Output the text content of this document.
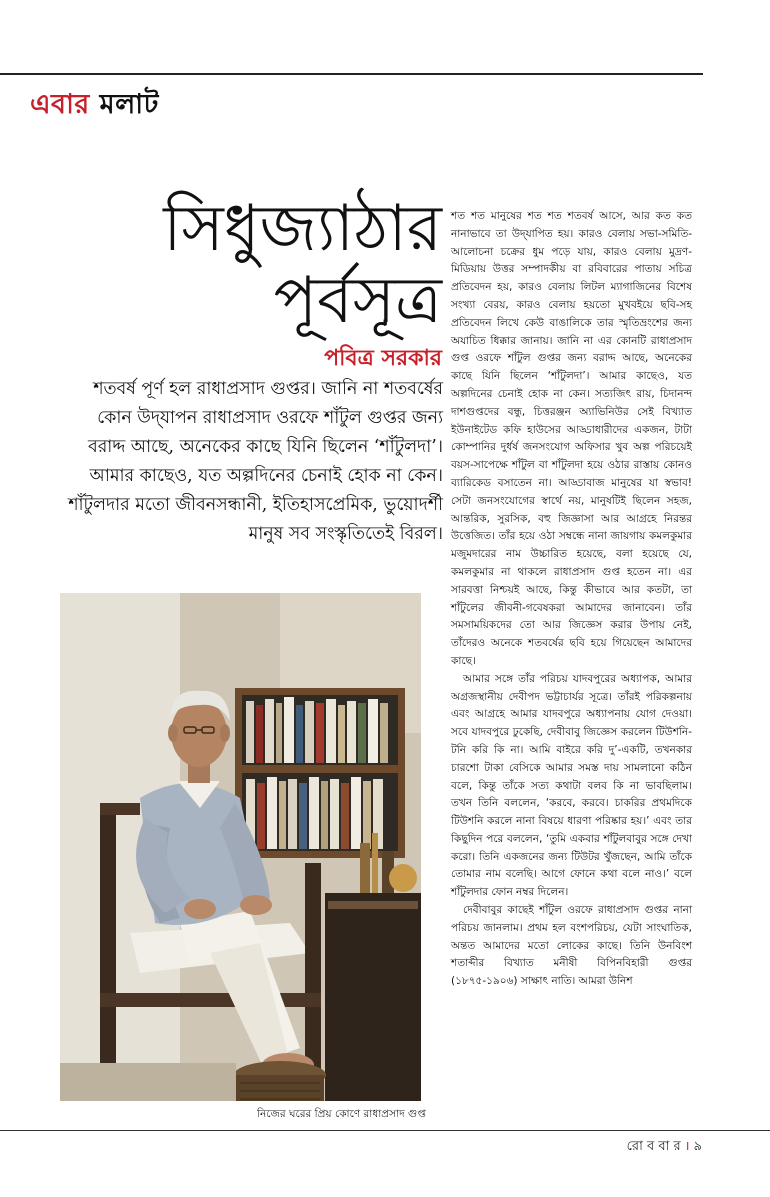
এবার মলাট
সিধুজ্যাঠার
পূর্বসূত্র
পবিত্র সরকার
শতবর্ষ পূর্ণ হল রাধাপ্রসাদ গুপ্তর। জানি না শতবর্ষের কোন উদ্‌যাপন রাধাপ্রসাদ ওরফে শাঁটুল গুপ্তর জন্য বরাদ্দ আছে, অনেকের কাছে যিনি ছিলেন ‘শাঁটুলদা’। আমার কাছেও, যত অল্পদিনের চেনাই হোক না কেন। শাঁটুলদার মতো জীবনসন্ধানী, ইতিহাসপ্রেমিক, ভুয়োদর্শী মানুষ সব সংস্কৃতিতেই বিরল।
নিজের ঘরের প্রিয় কোণে রাধাপ্রসাদ গুপ্ত

শত শত মানুষের শত শত শতবর্ষ আসে, আর কত কত নানাভাবে তা উদ্‌যাপিত হয়। কারও বেলায় সভা-সমিতি-আলোচনা চক্রের ধুম পড়ে যায়, কারও বেলায় মুদ্রণ-মিডিয়ায় উত্তর সম্পাদকীয় বা রবিবারের পাতায় সচিত্র প্রতিবেদন হয়, কারও বেলায় লিটল ম্যাগাজিনের বিশেষ সংখ্যা বেরয়, কারও বেলায় হয়তো মুখবইয়ে ছবি-সহ প্রতিবেদন লিখে কেউ বাঙালিকে তার স্মৃতিভ্রংশের জন্য অযাচিত ধিক্কার জানায়। জানি না এর কোনটি রাধাপ্রসাদ গুপ্ত ওরফে শাঁটুল গুপ্তর জন্য বরাদ্দ আছে, অনেকের কাছে যিনি ছিলেন ‘শাঁটুলদা’। আমার কাছেও, যত অল্পদিনের চেনাই হোক না কেন। সত্যজিৎ রায়, চিদানন্দ দাশগুপ্তদের বন্ধু, চিত্তরঞ্জন অ্যাভিনিউর সেই বিখ্যাত ইউনাইটেড কফি হাউসের আড্ডাধারীদের একজন, টাটা কোম্পানির দুর্ধর্ষ জনসংযোগ অফিসার খুব অল্প পরিচয়েই বয়স-সাপেক্ষে শাঁটুল বা শাঁটুলদা হয়ে ওঠার রাস্তায় কোনও ব্যারিকেড বসাতেন না। আড্ডাবাজ মানুষের যা স্বভাব! সেটা জনসংযোগের স্বার্থে নয়, মানুষটিই ছিলেন সহজ, আন্তরিক, সুরসিক, বহু জিজ্ঞাসা আর আগ্রহে নিরন্তর উত্তেজিত। তাঁর হয়ে ওঠা সম্বন্ধে নানা জায়গায় কমলকুমার মজুমদারের নাম উচ্চারিত হয়েছে, বলা হয়েছে যে, কমলকুমার না থাকলে রাধাপ্রসাদ গুপ্ত হতেন না। এর সারবত্তা নিশ্চয়ই আছে, কিন্তু কীভাবে আর কতটা, তা শাঁটুলের জীবনী-গবেষকরা আমাদের জানাবেন। তাঁর সমসাময়িকদের তো আর জিজ্ঞেস করার উপায় নেই, তাঁদেরও অনেকে শতবর্ষের ছবি হয়ে গিয়েছেন আমাদের কাছে।

আমার সঙ্গে তাঁর পরিচয় যাদবপুরের অধ্যাপক, আমার অগ্রজস্থানীয় দেবীপদ ভট্টাচার্যর সূত্রে। তাঁরই পরিকল্পনায় এবং আগ্রহে আমার যাদবপুরে অধ্যাপনায় যোগ দেওয়া। সবে যাদবপুরে ঢুকেছি, দেবীবাবু জিজ্ঞেস করলেন টিউশনি-টনি করি কি না। আমি বাইরে করি দু’-একটি, তখনকার চারশো টাকা বেসিকে আমার সমস্ত দায় সামলানো কঠিন বলে, কিন্তু তাঁকে সত্য কথাটা বলব কি না ভাবছিলাম। তখন তিনি বললেন, ‘করবে, করবে। চাকরির প্রথমদিকে টিউশনি করলে নানা বিষয়ে ধারণা পরিষ্কার হয়।’ এবং তার কিছুদিন পরে বললেন, ‘তুমি একবার শাঁটুলবাবুর সঙ্গে দেখা করো। তিনি একজনের জন্য টিউটর খুঁজছেন, আমি তাঁকে তোমার নাম বলেছি। আগে ফোনে কথা বলে নাও।’ বলে শাঁটুলদার ফোন নম্বর দিলেন।

দেবীবাবুর কাছেই শাঁটুল ওরফে রাধাপ্রসাদ গুপ্তর নানা পরিচয় জানলাম। প্রথম হল বংশপরিচয়, যেটা সাংঘাতিক, অন্তত আমাদের মতো লোকের কাছে। তিনি উনবিংশ শতাব্দীর বিখ্যাত মনীষী বিপিনবিহারী গুপ্তর (১৮৭৫-১৯০৬) সাক্ষাৎ নাতি। আমরা উনিশ

রো ব বা র । ৯
